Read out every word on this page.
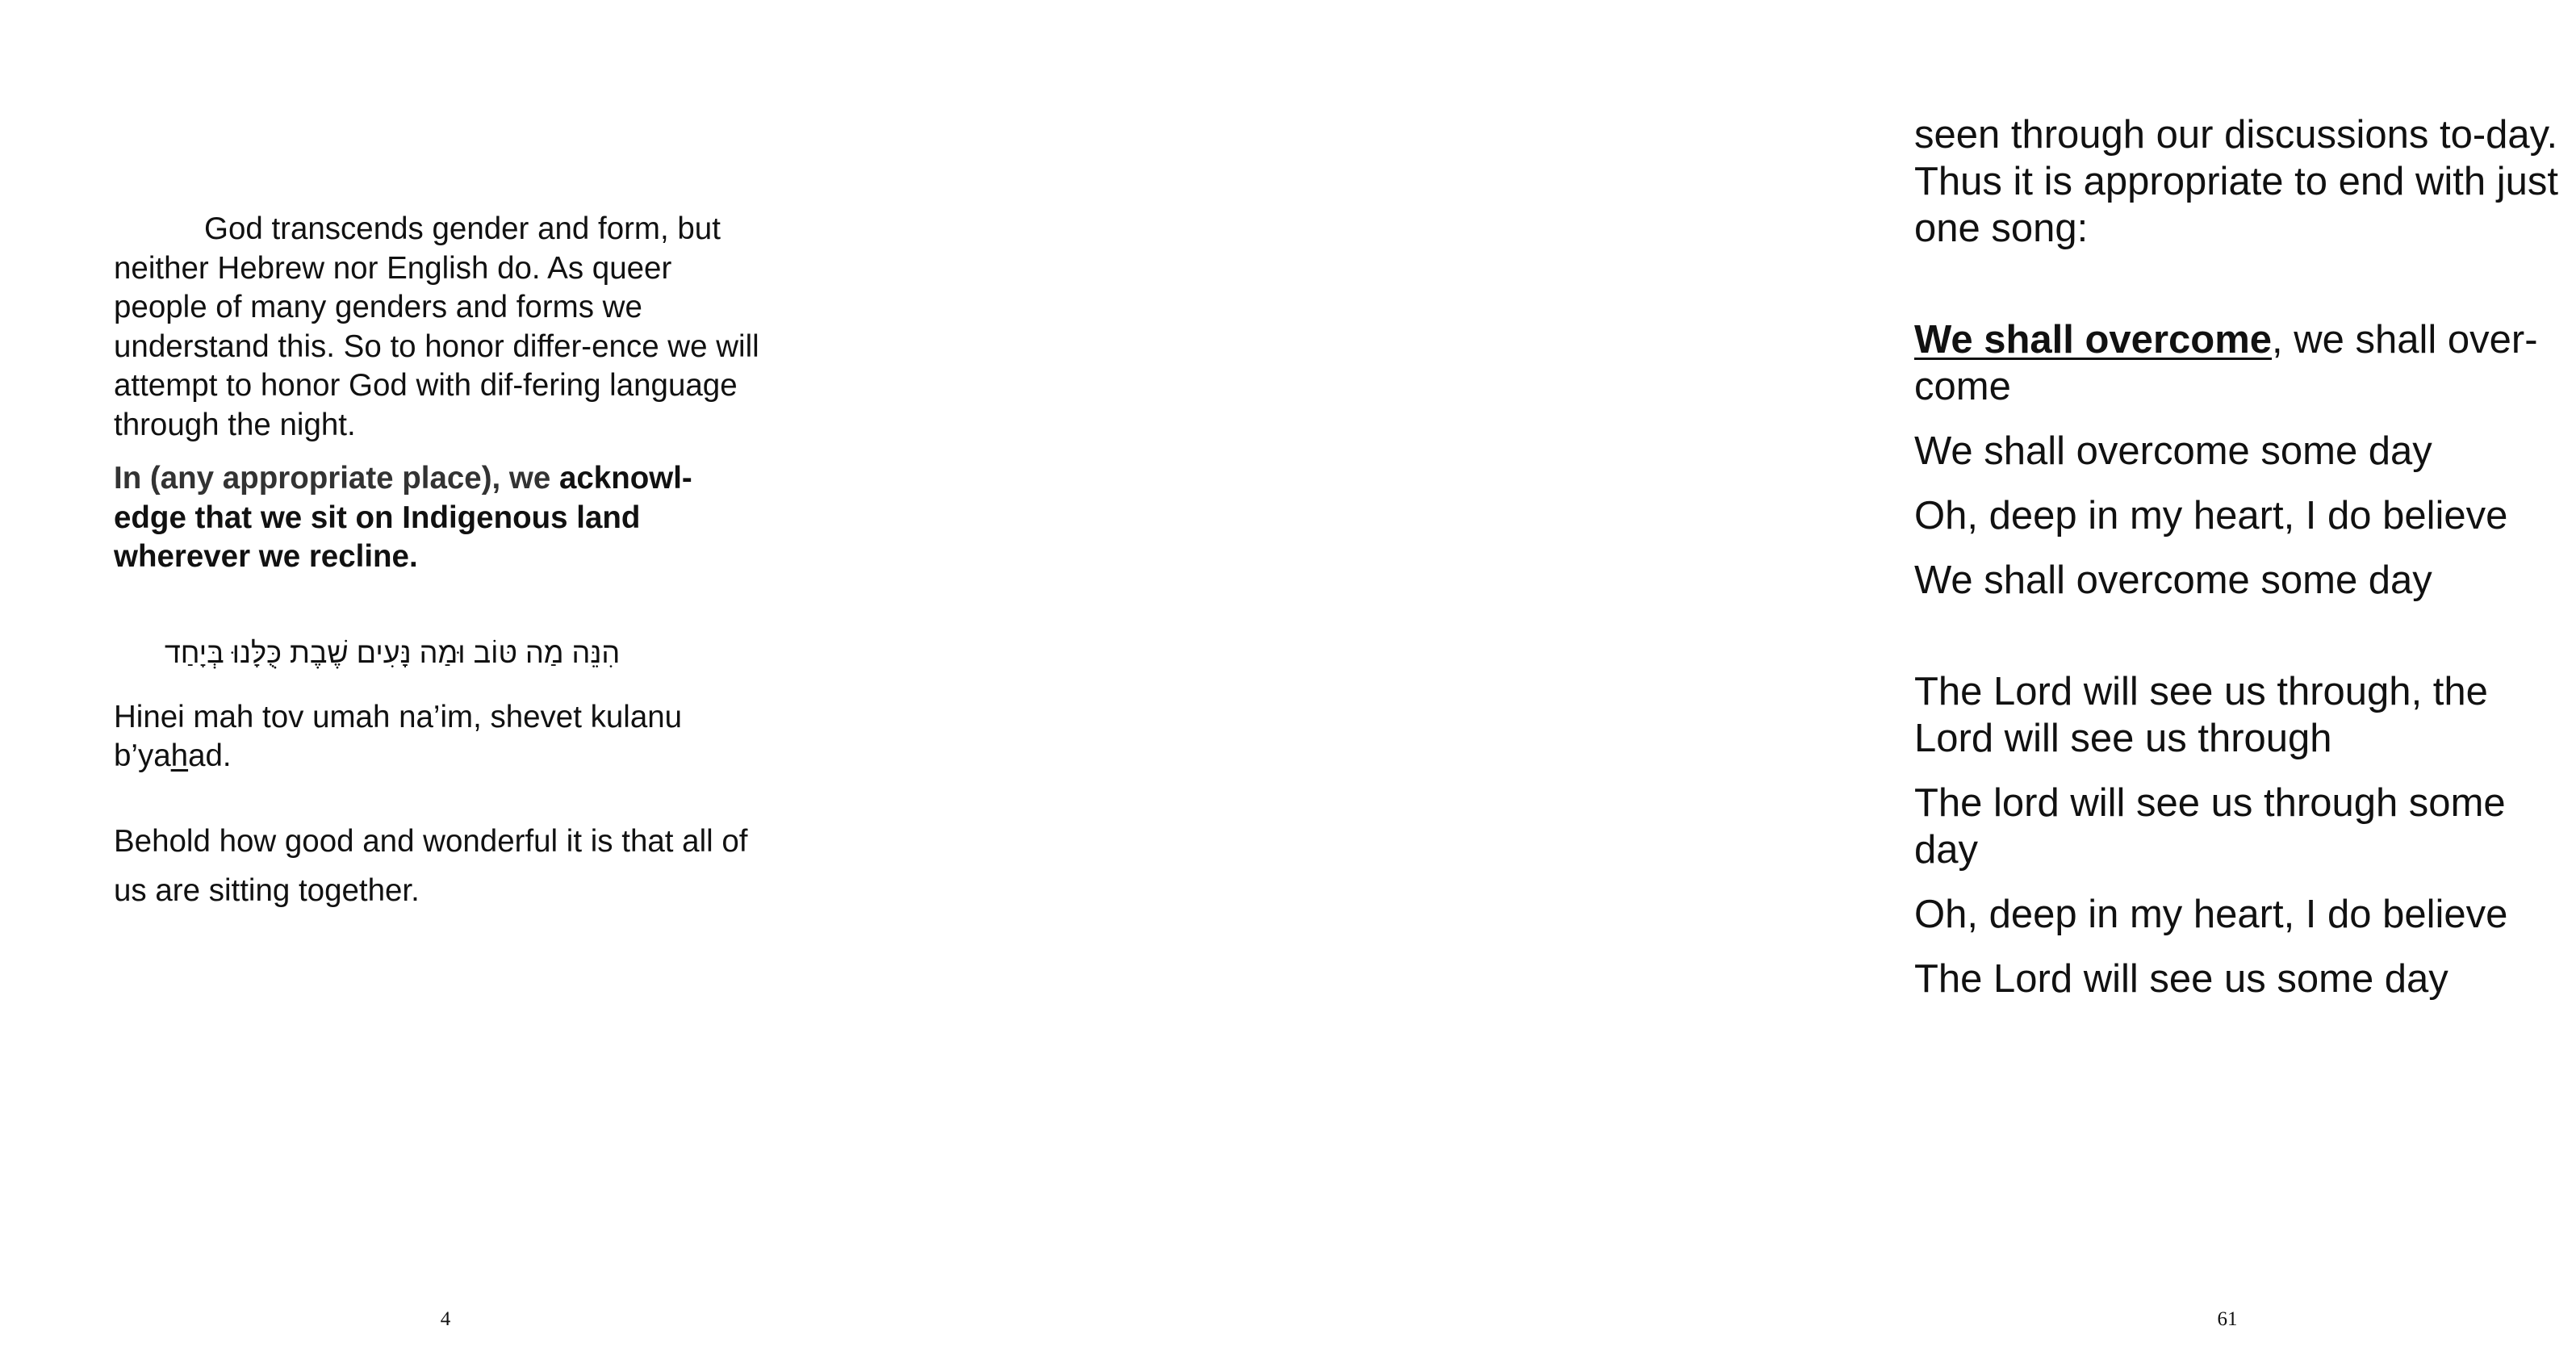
God transcends gender and form, but neither Hebrew nor English do. As queer people of many genders and forms we understand this. So to honor differ-ence we will attempt to honor God with dif-fering language through the night.

In (any appropriate place), we acknowl-edge that we sit on Indigenous land wherever we recline.

הִנֵּה מַה טּוֹב וּמַה נָּעִים שֶׁבֶת כֻּלָּנוּ בְּיָחַד

Hinei mah tov umah na’im, shevet kulanu b’yahad.

Behold how good and wonderful it is that all of us are sitting together.

4

seen through our discussions to-day. Thus it is appropriate to end with just one song:

We shall overcome, we shall over-come

We shall overcome some day

Oh, deep in my heart, I do believe

We shall overcome some day

The Lord will see us through, the Lord will see us through

The lord will see us through some day

Oh, deep in my heart, I do believe

The Lord will see us some day

61
